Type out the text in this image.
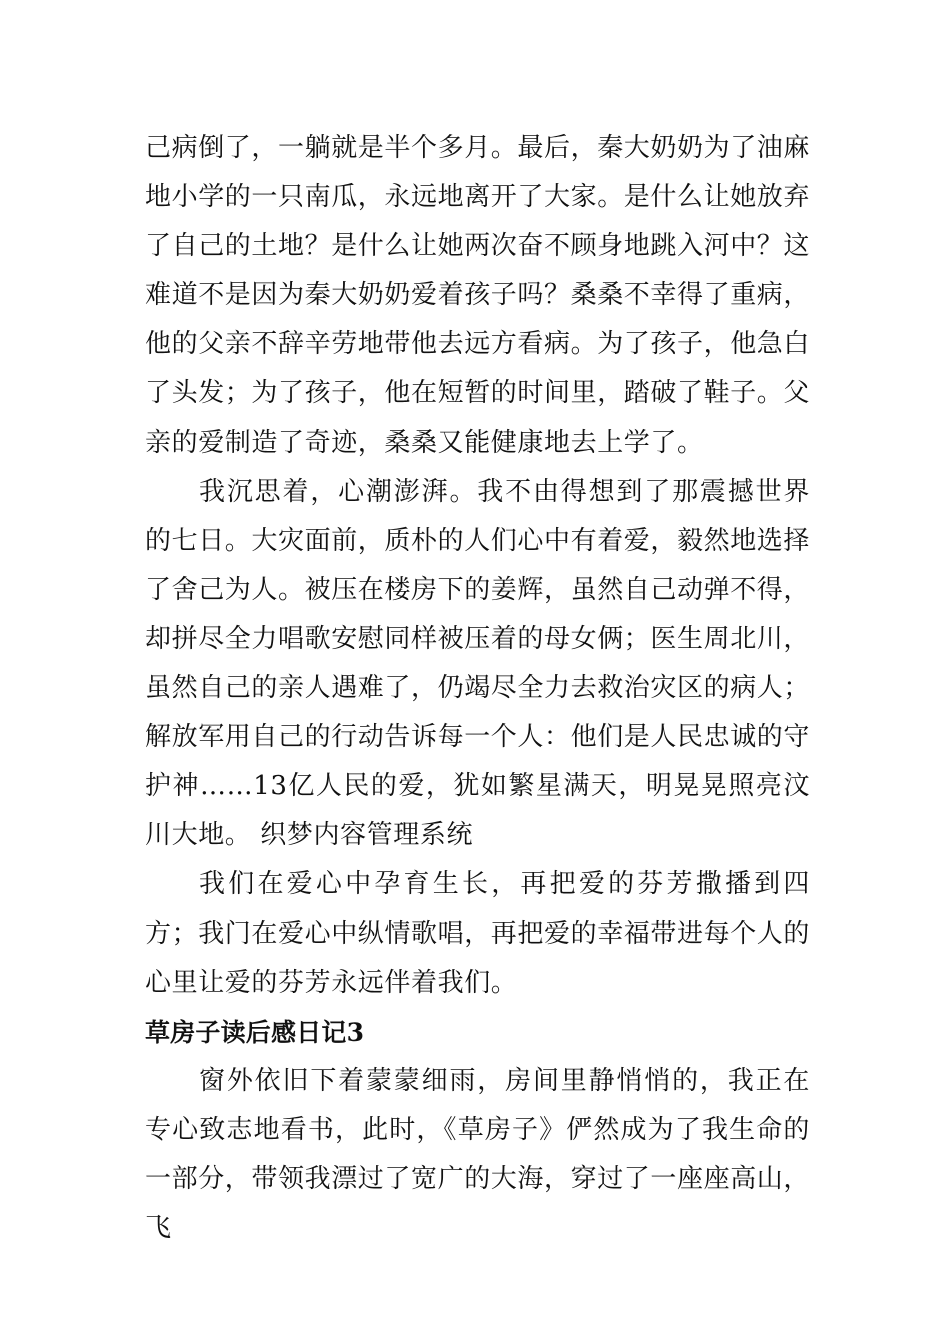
己病倒了，一躺就是半个多月。最后，秦大奶奶为了油麻地小学的一只南瓜，永远地离开了大家。是什么让她放弃了自己的土地？是什么让她两次奋不顾身地跳入河中？这难道不是因为秦大奶奶爱着孩子吗？桑桑不幸得了重病，他的父亲不辞辛劳地带他去远方看病。为了孩子，他急白了头发；为了孩子，他在短暂的时间里，踏破了鞋子。父亲的爱制造了奇迹，桑桑又能健康地去上学了。

我沉思着，心潮澎湃。我不由得想到了那震撼世界的七日。大灾面前，质朴的人们心中有着爱，毅然地选择了舍己为人。被压在楼房下的姜辉，虽然自己动弹不得，却拼尽全力唱歌安慰同样被压着的母女俩；医生周北川，虽然自己的亲人遇难了，仍竭尽全力去救治灾区的病人；解放军用自己的行动告诉每一个人：他们是人民忠诚的守护神……13亿人民的爱，犹如繁星满天，明晃晃照亮汶川大地。 织梦内容管理系统

我们在爱心中孕育生长，再把爱的芬芳撒播到四方；我门在爱心中纵情歌唱，再把爱的幸福带进每个人的心里让爱的芬芳永远伴着我们。

草房子读后感日记3

窗外依旧下着蒙蒙细雨，房间里静悄悄的，我正在专心致志地看书，此时，《草房子》俨然成为了我生命的一部分，带领我漂过了宽广的大海，穿过了一座座高山，飞
